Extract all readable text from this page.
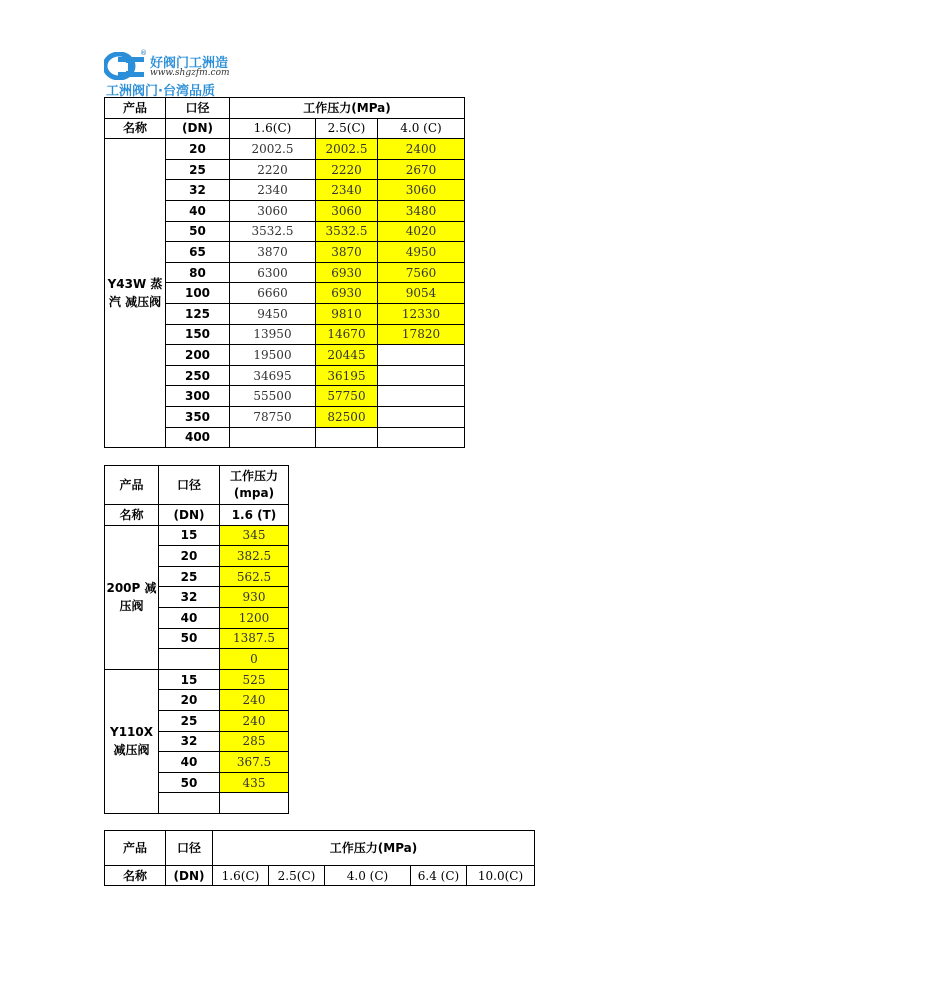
®
好阀门工洲造
www.shgzfm.com
工洲阀门·台湾品质
产品	口径	工作压力(MPa)		
名称	(DN)	1.6(C)	2.5(C)	4.0 (C)
Y43W 蒸汽 减压阀	20	2002.5	2002.5	2400
	25	2220	2220	2670
	32	2340	2340	3060
	40	3060	3060	3480
	50	3532.5	3532.5	4020
	65	3870	3870	4950
	80	6300	6930	7560
	100	6660	6930	9054
	125	9450	9810	12330
	150	13950	14670	17820
	200	19500	20445	
	250	34695	36195	
	300	55500	57750	
	350	78750	82500	
	400			
产品	口径	工作压力 (mpa)
名称	(DN)	1.6 (T)
200P 减压阀	15	345
	20	382.5
	25	562.5
	32	930
	40	1200
	50	1387.5
		0
Y110X 减压阀	15	525
	20	240
	25	240
	32	285
	40	367.5
	50	435

产品	口径	工作压力(MPa)				
名称	(DN)	1.6(C)	2.5(C)	4.0 (C)	6.4 (C)	10.0(C)
